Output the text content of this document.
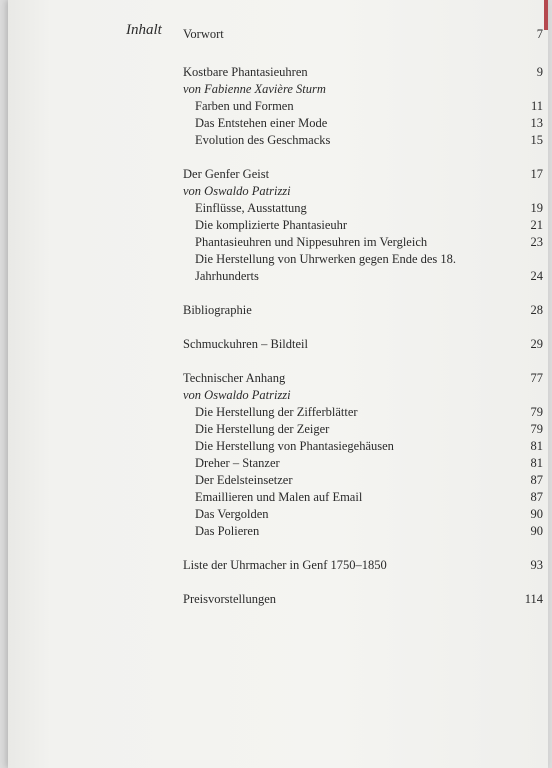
Inhalt Vorwort	7
Kostbare Phantasieuhren	9
von Fabienne Xavière Sturm
Farben und Formen	11
Das Entstehen einer Mode	13
Evolution des Geschmacks	15
Der Genfer Geist	17
von Oswaldo Patrizzi
Einflüsse, Ausstattung	19
Die komplizierte Phantasieuhr	21
Phantasieuhren und Nippesuhren im Vergleich	23
Die Herstellung von Uhrwerken gegen Ende des 18. Jahrhunderts	24
Bibliographie	28
Schmuckuhren – Bildteil	29
Technischer Anhang	77
von Oswaldo Patrizzi
Die Herstellung der Zifferblätter	79
Die Herstellung der Zeiger	79
Die Herstellung von Phantasiegehäusen	81
Dreher – Stanzer	81
Der Edelsteinsetzer	87
Emaillieren und Malen auf Email	87
Das Vergolden	90
Das Polieren	90
Liste der Uhrmacher in Genf 1750–1850	93
Preisvorstellungen	114
